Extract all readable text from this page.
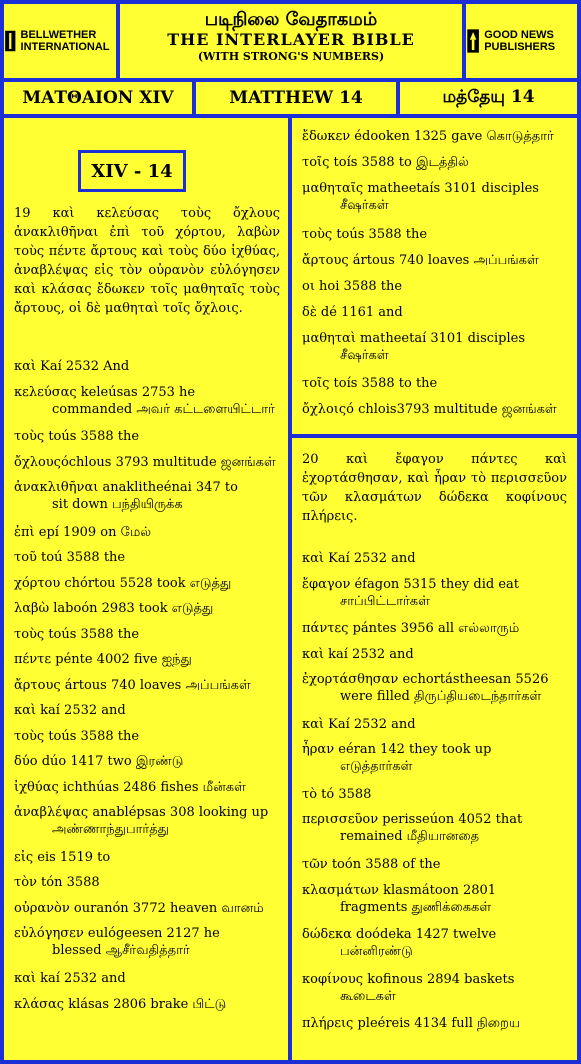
BELLWETHER INTERNATIONAL
படிநிலை வேதாகமம்
THE INTERLAYER BIBLE
(WITH STRONG'S NUMBERS)
GOOD NEWS PUBLISHERS
ΜΑΤΘΑΙΟΝ XIV	MATTHEW 14	மத்தேயு 14
XIV - 14
19 καὶ κελεύσας τοὺς ὄχλους ἀνακλιθῆναι ἐπὶ τοῦ χόρτου, λαβὼν τοὺς πέντε ἄρτους καὶ τοὺς δύο ἰχθύας, ἀναβλέψας εἰς τὸν οὐρανὸν εὐλόγησεν καὶ κλάσας ἔδωκεν τοῖς μαθηταῖς τοὺς ἄρτους, οἱ δὲ μαθηταὶ τοῖς ὄχλοις.
καὶ Kaí 2532 And
κελεύσας keleúsas 2753 he
commanded அவர் கட்டளையிட்டார்
τοὺς toús 3588 the
ὄχλουςóchlous 3793 multitude ஜனங்கள்
ἀνακλιθῆναι anaklitheénai 347 to
sit down பந்தியிருக்க
ἐπὶ epí 1909 on மேல்
τοῦ toú 3588 the
χόρτου chórtou 5528 took எடுத்து
λαβὼ laboón 2983 took எடுத்து
τοὺς toús 3588 the
πέντε pénte 4002 five ஐந்து
ἄρτους ártous 740 loaves அப்பங்கள்
καὶ kaí 2532 and
τοὺς toús 3588 the
δύο dúo 1417 two இரண்டு
ἰχθύας ichthúas 2486 fishes மீன்கள்
ἀναβλέψας anablépsas 308 looking up
அண்ணாந்துபார்த்து
εἰς eis 1519 to
τὸν tón 3588
οὐρανὸν ouranón 3772 heaven வானம்
εὐλόγησεν eulógeesen 2127 he
blessed ஆசீர்வதித்தார்
καὶ kaí 2532 and
κλάσας klásas 2806 brake பிட்டு
ἔδωκεν édooken 1325 gave கொடுத்தார்
τοῖς toís 3588 to இடத்தில்
μαθηταῖς matheetaís 3101 disciples
சீஷர்கள்
τοὺς toús 3588 the
ἄρτους ártous 740 loaves அப்பங்கள்
οι hoi 3588 the
δὲ dé 1161 and
μαθηταὶ matheetaí 3101 disciples
சீஷர்கள்
τοῖς toís 3588 to the
ὄχλοιςó chlois3793 multitude ஜனங்கள்
20 καὶ ἔφαγον πάντες καὶ ἐχορτάσθησαν, καὶ ἦραν τὸ περισσεῦον τῶν κλασμάτων δώδεκα κοφίνους πλήρεις.
καὶ Kaí 2532 and
ἔφαγον éfagon 5315 they did eat
சாப்பிட்டார்கள்
πάντες pántes 3956 all எல்லாரும்
καὶ kaí 2532 and
ἐχορτάσθησαν echortástheesan 5526
were filled திருப்தியடைந்தார்கள்
καὶ Kaí 2532 and
ἦραν eéran 142 they took up
எடுத்தார்கள்
τὸ tó 3588
περισσεῦον perisseúon 4052 that
remained மீதியானதை
τῶν toón 3588 of the
κλασμάτων klasmátoon 2801
fragments துணிக்கைகள்
δώδεκα doódeka 1427 twelve
பன்னிரண்டு
κοφίνους kofinous 2894 baskets
கூடைகள்
πλήρεις pleéreis 4134 full நிறைய
